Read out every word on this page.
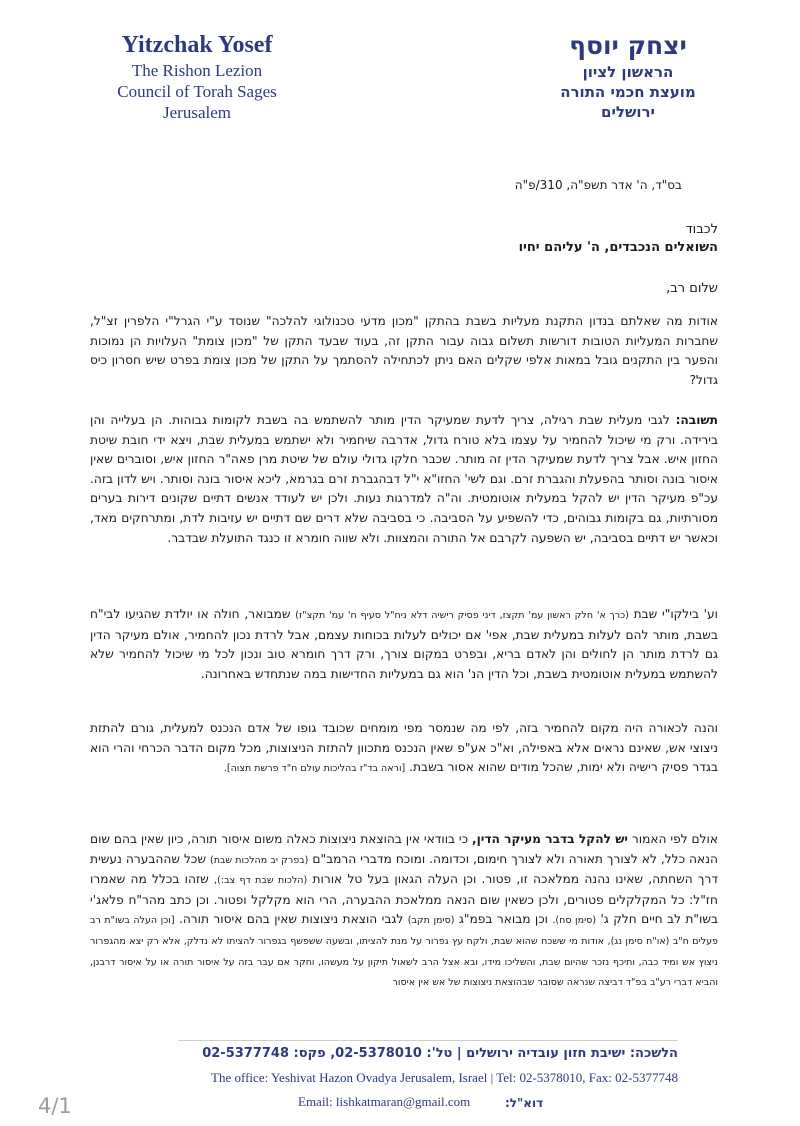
Yitzchak Yosef
The Rishon Lezion
Council of Torah Sages
Jerusalem
יצחק יוסף
הראשון לציון
מועצת חכמי התורה
ירושלים
בס"ד, ה' אדר תשפ"ה, 310/פ"ה
לכבוד
השואלים הנכבדים, ה' עליהם יחיו
שלום רב,
אודות מה שאלתם בנדון התקנת מעליות בשבת בהתקן "מכון מדעי טכנולוגי להלכה" שנוסד ע"י הגרל"י הלפרין זצ"ל, שחברות המעליות הטובות דורשות תשלום גבוה עבור התקן זה, בעוד שבעד התקן של "מכון צומת" העלויות הן נמוכות והפער בין התקנים גובל במאות אלפי שקלים האם ניתן לכתחילה להסתמך על התקן של מכון צומת בפרט שיש חסרון כיס גדול?
תשובה: לגבי מעלית שבת רגילה, צריך לדעת שמעיקר הדין מותר להשתמש בה בשבת לקומות גבוהות. הן בעלייה והן בירידה. ורק מי שיכול להחמיר על עצמו בלא טורח גדול, אדרבה שיחמיר ולא ישתמש במעלית שבת, ויצא ידי חובת שיטת החזון איש. אבל צריך לדעת שמעיקר הדין זה מותר. שכבר חלקו גדולי עולם של שיטת מרן פאה"ר החזון איש, וסוברים שאין איסור בונה וסותר בהפעלת והגברת זרם. וגם לשי' החזו"א י"ל דבהגברת זרם בגרמא, ליכא איסור בונה וסותר. ויש לדון בזה. עכ"פ מעיקר הדין יש להקל במעלית אוטומטית. וה"ה למדרגות נעות. ולכן יש לעודד אנשים דתיים שקונים דירות בערים מסורתיות, גם בקומות גבוהים, כדי להשפיע על הסביבה. כי בסביבה שלא דרים שם דתיים יש עזיבות לדת, ומתרחקים מאד, וכאשר יש דתיים בסביבה, יש השפעה לקרבם אל התורה והמצוות. ולא שווה חומרא זו כנגד התועלת שבדבר.
וע' בילקו"י שבת (כרך א' חלק ראשון עמ' תקצז, דיני פסיק רישיה דלא ניח"ל סעיף ח' עמ' תקצ"ז) שמבואר, חולה או יולדת שהגיעו לבי"ח בשבת, מותר להם לעלות במעלית שבת, אפי' אם יכולים לעלות בכוחות עצמם, אבל לרדת נכון להחמיר, אולם מעיקר הדין גם לרדת מותר הן לחולים והן לאדם בריא, ובפרט במקום צורך, ורק דרך חומרא טוב ונכון לכל מי שיכול להחמיר שלא להשתמש במעלית אוטומטית בשבת, וכל הדין הנ' הוא גם במעליות החדישות במה שנתחדש באחרונה.
והנה לכאורה היה מקום להחמיר בזה, לפי מה שנמסר מפי מומחים שכובד גופו של אדם הנכנס למעלית, גורם להתזת ניצוצי אש, שאינם נראים אלא באפילה, וא"כ אע"פ שאין הנכנס מתכוון להתזת הניצוצות, מכל מקום הדבר הכרחי והרי הוא בגדר פסיק רישיה ולא ימות, שהכל מודים שהוא אסור בשבת. [וראה בד"ז בהליכות עולם ח"ד פרשת תצוה].
אולם לפי האמור יש להקל בדבר מעיקר הדין, כי בוודאי אין בהוצאת ניצוצות כאלה משום איסור תורה, כיון שאין בהם שום הנאה כלל, לא לצורך תאורה ולא לצורך חימום, וכדומה. ומוכח מדברי הרמב"ם (בפרק יב מהלכות שבת) שכל שההבערה נעשית דרך השחתה, שאינו נהנה ממלאכה זו, פטור. וכן העלה הגאון בעל טל אורות (הלכות שבת דף צב:), שזהו בכלל מה שאמרו חז"ל: כל המקלקלים פטורים, ולכן כשאין שום הנאה ממלאכת ההבערה, הרי הוא מקלקל ופטור. וכן כתב מהר"ח פלאג'י בשו"ת לב חיים חלק ג' (סימן סח). וכן מבואר בפמ"ג (סימן תקב) לגבי הוצאת ניצוצות שאין בהם איסור תורה. [וכן העלה בשו"ת רב פעלים ח"ב (או"ח סימן נג), אודות מי ששכח שהוא שבת, ולקח עץ גפרור על מנת להציתו, ובשעה ששפשף בגפרור להציתו לא נדלק, אלא רק יצא מהגפרור ניצוץ אש ומיד כבה, ותיכף נזכר שהיום שבת, והשליכו מידו, ובא אצל הרב לשאול תיקון על מעשהו, וחקר אם עבר בזה על איסור תורה או על איסור דרבנן, והביא דברי רע"ב בפ"ד דביצה שנראה שסובר שבהוצאת ניצוצות של אש אין איסור
הלשכה: ישיבת חזון עובדיה ירושלים | טל': 02-5378010, פקס: 02-5377748
The office: Yeshivat Hazon Ovadya Jerusalem, Israel | Tel: 02-5378010, Fax: 02-5377748
Email: lishkatmaran@gmail.com	דוא"ל:
4/1
